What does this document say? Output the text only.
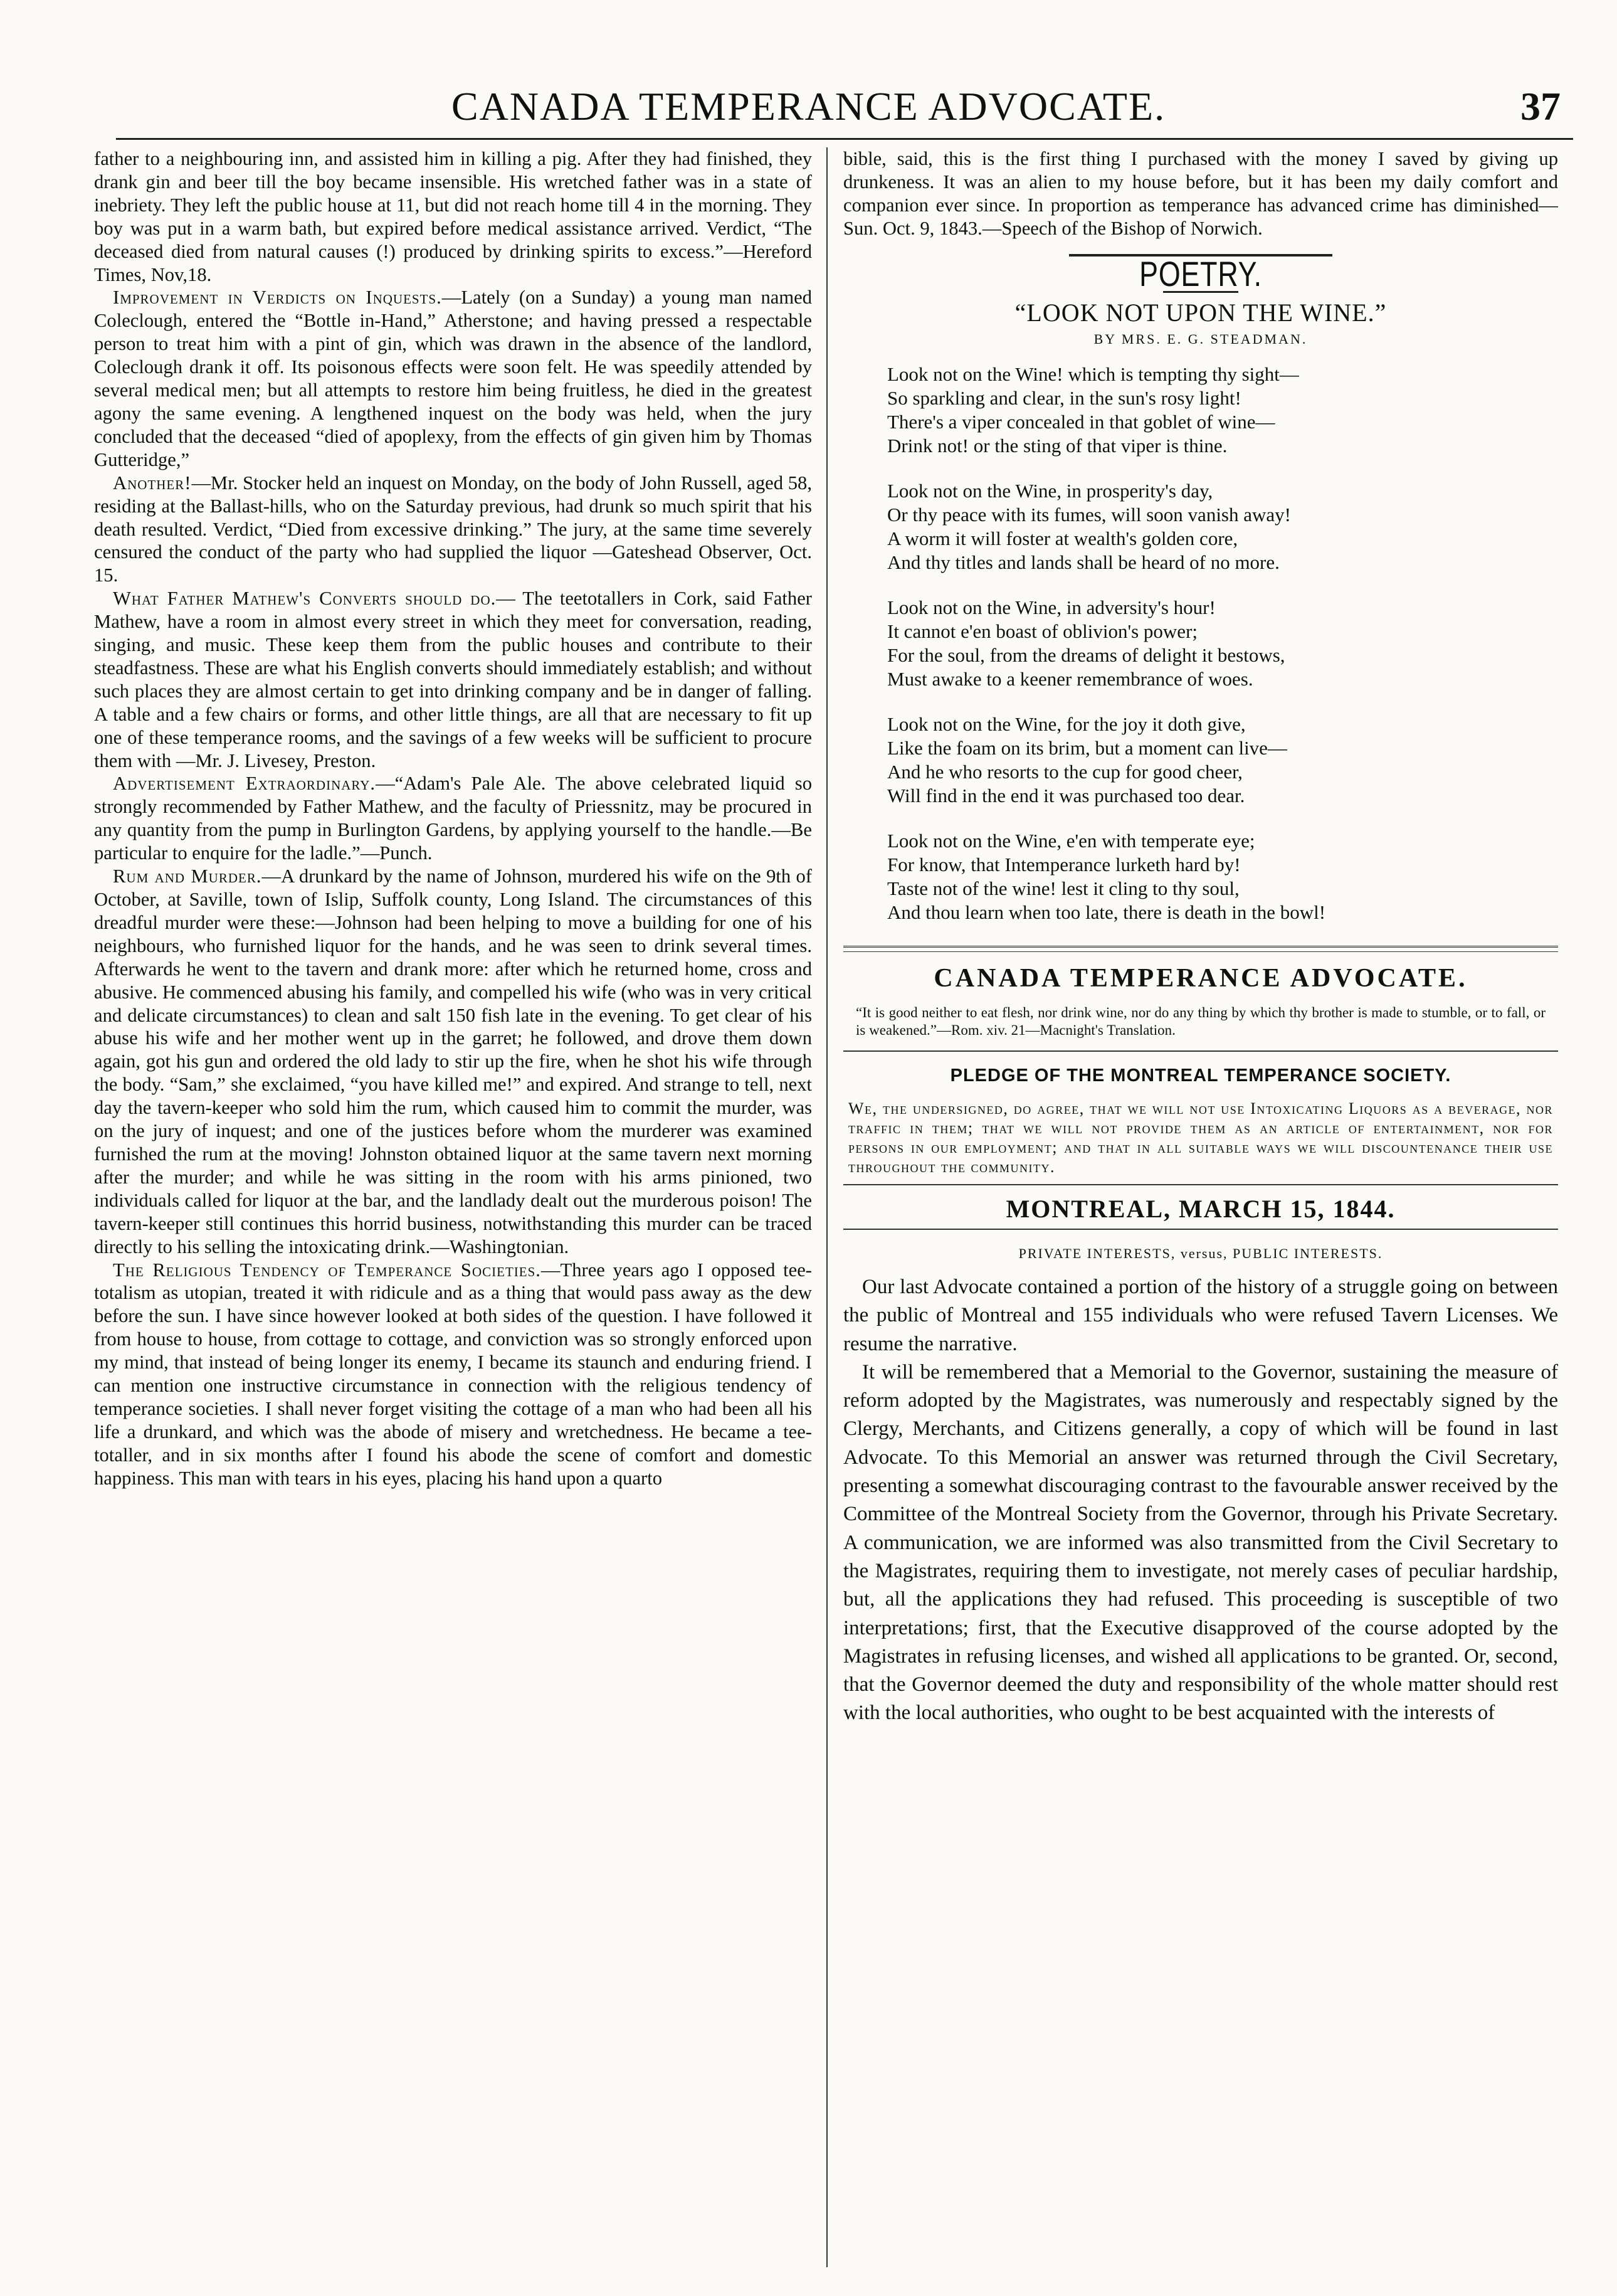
CANADA TEMPERANCE ADVOCATE.	37

father to a neighbouring inn, and assisted him in killing a pig. After they had finished, they drank gin and beer till the boy became insensible. His wretched father was in a state of inebriety. They left the public house at 11, but did not reach home till 4 in the morning. They boy was put in a warm bath, but expired before medical assistance arrived. Verdict, “The deceased died from natural causes (!) produced by drinking spirits to excess.”—Hereford Times, Nov,18.

Improvement in Verdicts on Inquests.—Lately (on a Sunday) a young man named Coleclough, entered the “Bottle in-Hand,” Atherstone; and having pressed a respectable person to treat him with a pint of gin, which was drawn in the absence of the landlord, Coleclough drank it off. Its poisonous effects were soon felt. He was speedily attended by several medical men; but all attempts to restore him being fruitless, he died in the greatest agony the same evening. A lengthened inquest on the body was held, when the jury concluded that the deceased “died of apoplexy, from the effects of gin given him by Thomas Gutteridge,”

Another!—Mr. Stocker held an inquest on Monday, on the body of John Russell, aged 58, residing at the Ballast-hills, who on the Saturday previous, had drunk so much spirit that his death resulted. Verdict, “Died from excessive drinking.” The jury, at the same time severely censured the conduct of the party who had supplied the liquor —Gateshead Observer, Oct. 15.

What Father Mathew's Converts should do.— The teetotallers in Cork, said Father Mathew, have a room in almost every street in which they meet for conversation, reading, singing, and music. These keep them from the public houses and contribute to their steadfastness. These are what his English converts should immediately establish; and without such places they are almost certain to get into drinking company and be in danger of falling. A table and a few chairs or forms, and other little things, are all that are necessary to fit up one of these temperance rooms, and the savings of a few weeks will be sufficient to procure them with —Mr. J. Livesey, Preston.

Advertisement Extraordinary.—“Adam's Pale Ale. The above celebrated liquid so strongly recommended by Father Mathew, and the faculty of Priessnitz, may be procured in any quantity from the pump in Burlington Gardens, by applying yourself to the handle.—Be particular to enquire for the ladle.”—Punch.

Rum and Murder.—A drunkard by the name of Johnson, murdered his wife on the 9th of October, at Saville, town of Islip, Suffolk county, Long Island. The circumstances of this dreadful murder were these:—Johnson had been helping to move a building for one of his neighbours, who furnished liquor for the hands, and he was seen to drink several times. Afterwards he went to the tavern and drank more: after which he returned home, cross and abusive. He commenced abusing his family, and compelled his wife (who was in very critical and delicate circumstances) to clean and salt 150 fish late in the evening. To get clear of his abuse his wife and her mother went up in the garret; he followed, and drove them down again, got his gun and ordered the old lady to stir up the fire, when he shot his wife through the body. “Sam,” she exclaimed, “you have killed me!” and expired. And strange to tell, next day the tavern-keeper who sold him the rum, which caused him to commit the murder, was on the jury of inquest; and one of the justices before whom the murderer was examined furnished the rum at the moving! Johnston obtained liquor at the same tavern next morning after the murder; and while he was sitting in the room with his arms pinioned, two individuals called for liquor at the bar, and the landlady dealt out the murderous poison! The tavern-keeper still continues this horrid business, notwithstanding this murder can be traced directly to his selling the intoxicating drink.—Washingtonian.

The Religious Tendency of Temperance Societies.—Three years ago I opposed tee-totalism as utopian, treated it with ridicule and as a thing that would pass away as the dew before the sun. I have since however looked at both sides of the question. I have followed it from house to house, from cottage to cottage, and conviction was so strongly enforced upon my mind, that instead of being longer its enemy, I became its staunch and enduring friend. I can mention one instructive circumstance in connection with the religious tendency of temperance societies. I shall never forget visiting the cottage of a man who had been all his life a drunkard, and which was the abode of misery and wretchedness. He became a tee-totaller, and in six months after I found his abode the scene of comfort and domestic happiness. This man with tears in his eyes, placing his hand upon a quarto

bible, said, this is the first thing I purchased with the money I saved by giving up drunkeness. It was an alien to my house before, but it has been my daily comfort and companion ever since. In proportion as temperance has advanced crime has diminished—Sun. Oct. 9, 1843.—Speech of the Bishop of Norwich.

POETRY.
“LOOK NOT UPON THE WINE.”
BY MRS. E. G. STEADMAN.
Look not on the Wine! which is tempting thy sight—
So sparkling and clear, in the sun's rosy light!
There's a viper concealed in that goblet of wine—
Drink not! or the sting of that viper is thine.
Look not on the Wine, in prosperity's day,
Or thy peace with its fumes, will soon vanish away!
A worm it will foster at wealth's golden core,
And thy titles and lands shall be heard of no more.
Look not on the Wine, in adversity's hour!
It cannot e'en boast of oblivion's power;
For the soul, from the dreams of delight it bestows,
Must awake to a keener remembrance of woes.
Look not on the Wine, for the joy it doth give,
Like the foam on its brim, but a moment can live—
And he who resorts to the cup for good cheer,
Will find in the end it was purchased too dear.
Look not on the Wine, e'en with temperate eye;
For know, that Intemperance lurketh hard by!
Taste not of the wine! lest it cling to thy soul,
And thou learn when too late, there is death in the bowl!
CANADA TEMPERANCE ADVOCATE.
“It is good neither to eat flesh, nor drink wine, nor do any thing by which thy brother is made to stumble, or to fall, or is weakened.”—Rom. xiv. 21—Macnight's Translation.
PLEDGE OF THE MONTREAL TEMPERANCE SOCIETY.
We, the undersigned, do agree, that we will not use Intoxicating Liquors as a beverage, nor traffic in them; that we will not provide them as an article of entertainment, nor for persons in our employment; and that in all suitable ways we will discountenance their use throughout the community.
MONTREAL, MARCH 15, 1844.
PRIVATE INTERESTS, versus, PUBLIC INTERESTS.

Our last Advocate contained a portion of the history of a struggle going on between the public of Montreal and 155 individuals who were refused Tavern Licenses. We resume the narrative.

It will be remembered that a Memorial to the Governor, sustaining the measure of reform adopted by the Magistrates, was numerously and respectably signed by the Clergy, Merchants, and Citizens generally, a copy of which will be found in last Advocate. To this Memorial an answer was returned through the Civil Secretary, presenting a somewhat discouraging contrast to the favourable answer received by the Committee of the Montreal Society from the Governor, through his Private Secretary. A communication, we are informed was also transmitted from the Civil Secretary to the Magistrates, requiring them to investigate, not merely cases of peculiar hardship, but, all the applications they had refused. This proceeding is susceptible of two interpretations; first, that the Executive disapproved of the course adopted by the Magistrates in refusing licenses, and wished all applications to be granted. Or, second, that the Governor deemed the duty and responsibility of the whole matter should rest with the local authorities, who ought to be best acquainted with the interests of
